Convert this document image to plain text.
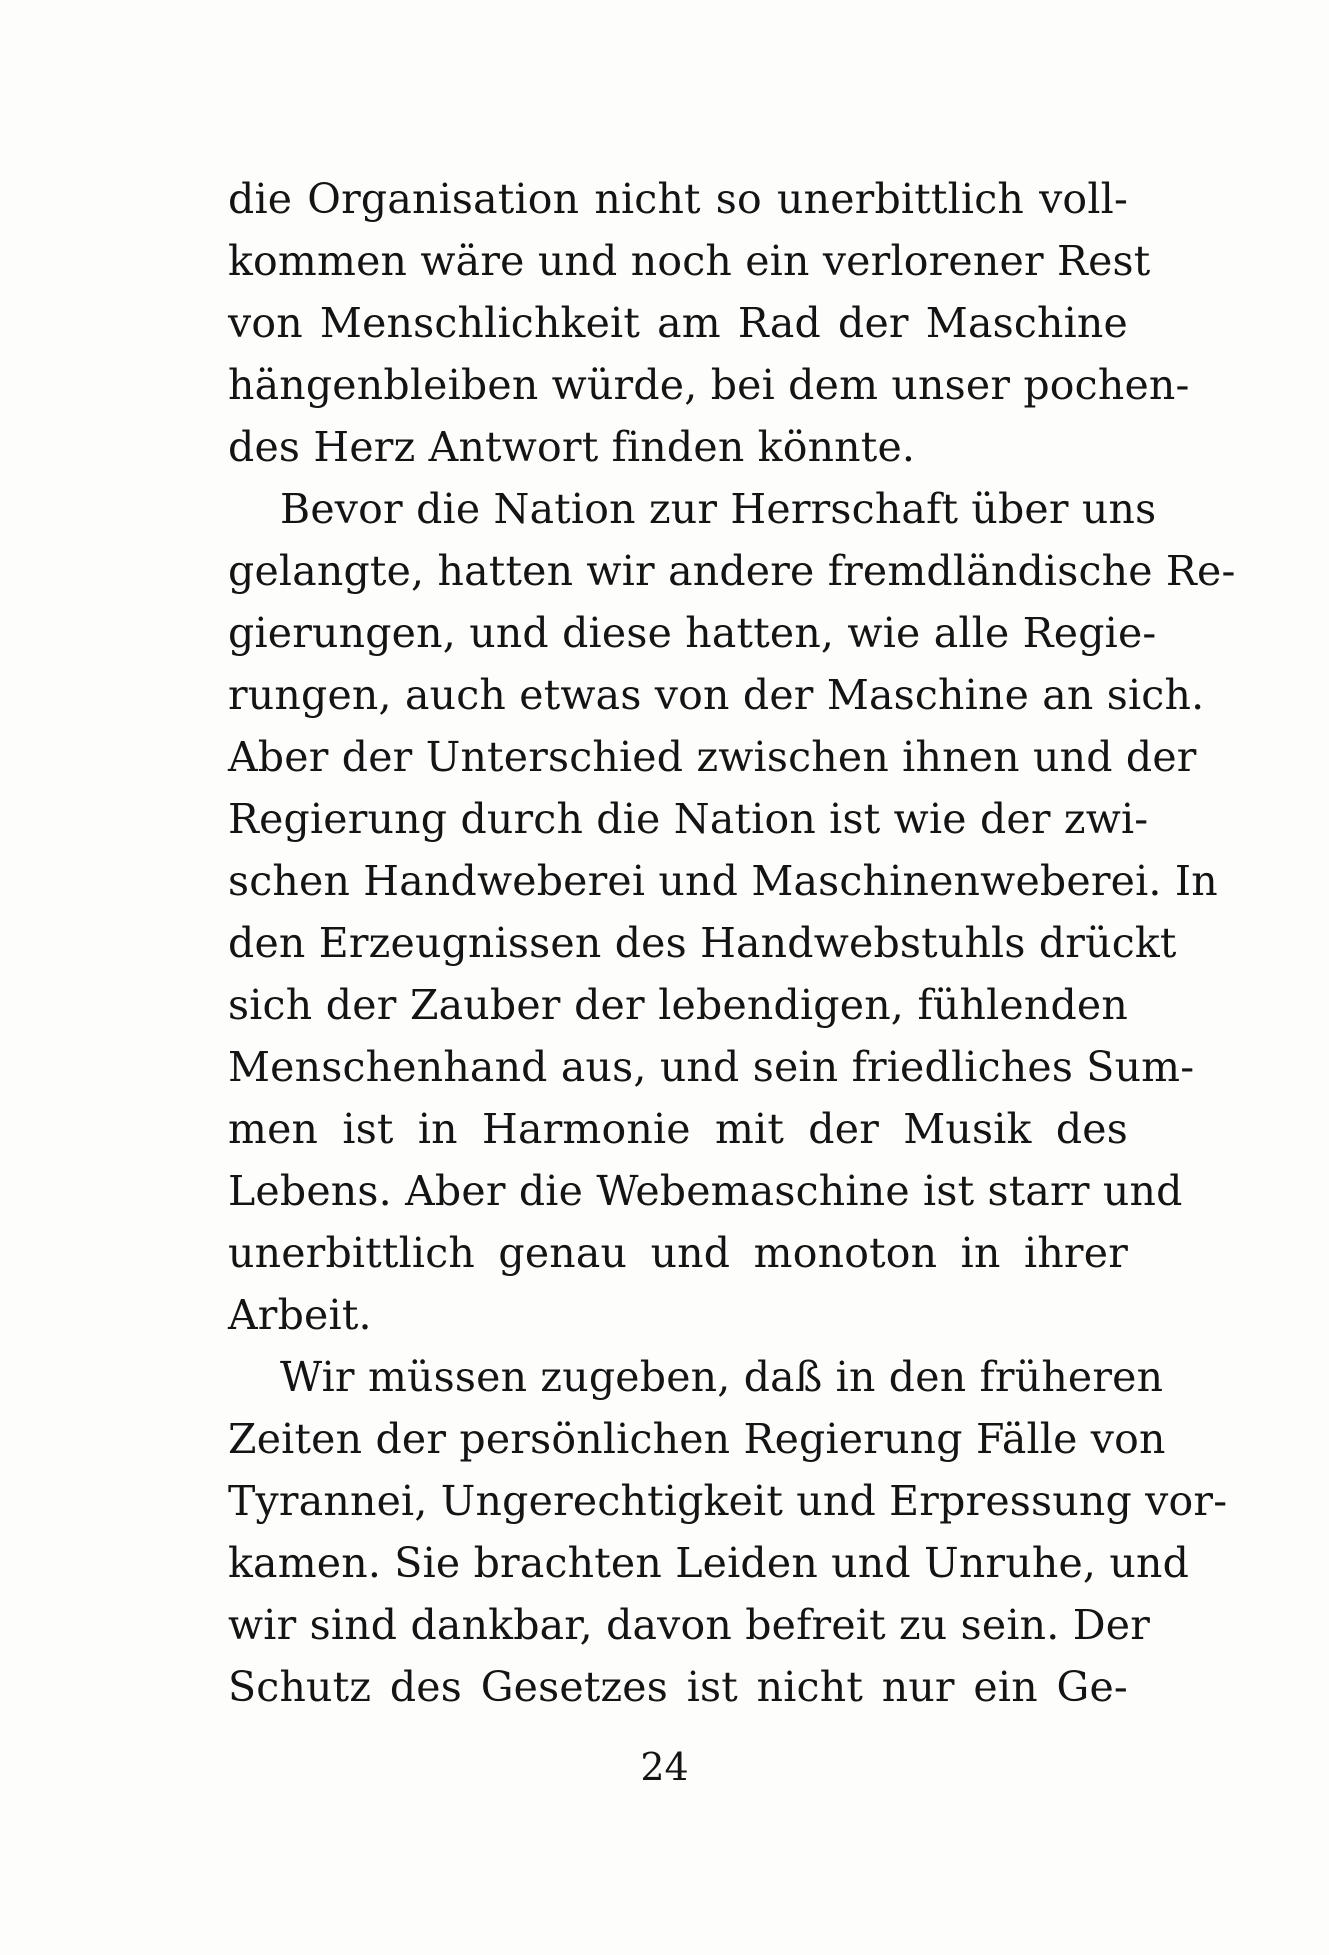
die Organisation nicht so unerbittlich voll-
kommen wäre und noch ein verlorener Rest
von Menschlichkeit am Rad der Maschine
hängenbleiben würde, bei dem unser pochen-
des Herz Antwort finden könnte.
Bevor die Nation zur Herrschaft über uns
gelangte, hatten wir andere fremdländische Re-
gierungen, und diese hatten, wie alle Regie-
rungen, auch etwas von der Maschine an sich.
Aber der Unterschied zwischen ihnen und der
Regierung durch die Nation ist wie der zwi-
schen Handweberei und Maschinenweberei. In
den Erzeugnissen des Handwebstuhls drückt
sich der Zauber der lebendigen, fühlenden
Menschenhand aus, und sein friedliches Sum-
men ist in Harmonie mit der Musik des
Lebens. Aber die Webemaschine ist starr und
unerbittlich genau und monoton in ihrer
Arbeit.
Wir müssen zugeben, daß in den früheren
Zeiten der persönlichen Regierung Fälle von
Tyrannei, Ungerechtigkeit und Erpressung vor-
kamen. Sie brachten Leiden und Unruhe, und
wir sind dankbar, davon befreit zu sein. Der
Schutz des Gesetzes ist nicht nur ein Ge-
24
